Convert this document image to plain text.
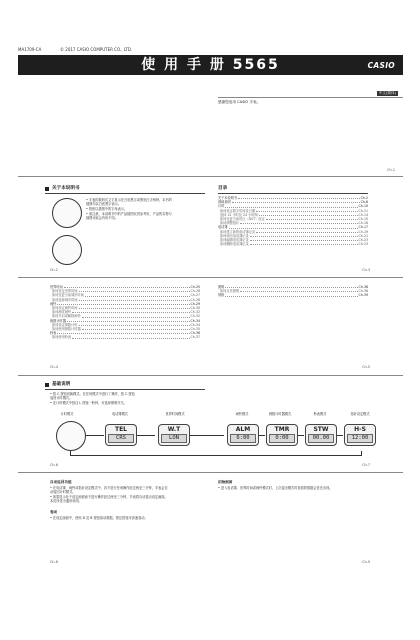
MA1709-CA	© 2017 CASIO COMPUTER CO., LTD.
使 用 手 册 5565	CASIO
中文(简体)
感谢您选用 CASIO 手表。
Ch-1
关于本说明书
• 手表的数码式文字显示在白底黑字或黑底白字两种，本书的
插图均以白底黑字表示。
• 按钮以插图中的字母表示。
• 请注意，本说明书中的产品插图仅供参考用，产品的实物与
插图可能会有所不同。
Ch-2
目录
关于本说明书	Ch-2
基础说明	Ch-6
计时	Ch-10
如何设定数字时间及日期	Ch-11
选择 12 小时及 24 小时制	Ch-14
如何变更当前时区（DST）设定	Ch-15
如何调整指针	Ch-16
电话簿	Ch-17
如何建立新的电话簿记录	Ch-19
如何调出电话簿记录	Ch-21
如何编辑电话簿记录	Ch-23
如何删除电话簿记录	Ch-23
Ch-3
世界时间	Ch-25
如何设定世界时间	Ch-26
如何变更当前城市时间	Ch-27
如何选择城市时间	Ch-28
闹铃	Ch-29
如何设定闹铃时间	Ch-30
如何测试闹铃	Ch-32
如何开启或解除闹铃	Ch-32
倒数计时器	Ch-34
如何设定倒数计时	Ch-34
如何使用倒数计时器	Ch-35
秒表	Ch-36
如何使用秒表	Ch-37
照明	Ch-38
如何点亮照明	Ch-38
规格	Ch-39
Ch-4	Ch-5
基础说明
• 按 C 按钮切换模式。在任何模式中进行了操作，按 C 按钮
返回计时模式。
• 在计时模式中按住 L 按钮一秒钟，可选择照明开关。
计时模式	电话簿模式	世界时间模式	闹铃模式	倒数计时器模式	秒表模式	指针设定模式
TEL
CRS
W.T
LON
ALM
6:00
TMR
0:00
STW
00.00
H-S
12:00
Ch-6	Ch-7
自动返回功能
• 在电话簿、闹铃或指针设定模式中，若不进行任何操作经过两至三分钟，手表会自
动返回计时模式。
• 如果显示处于设定画面而不进行操作经过两至三分钟，手表将自动退出设定画面。
本页所述为通用说明。
卷动
• 在设定画面中，使用 D 及 B 按钮卷动数据。按住按钮可高速卷动。
Ch-8
初始画面
• 进入电话簿、世界时间或闹铃模式时，上次退出模式时查看的数据会首先出现。
Ch-9
